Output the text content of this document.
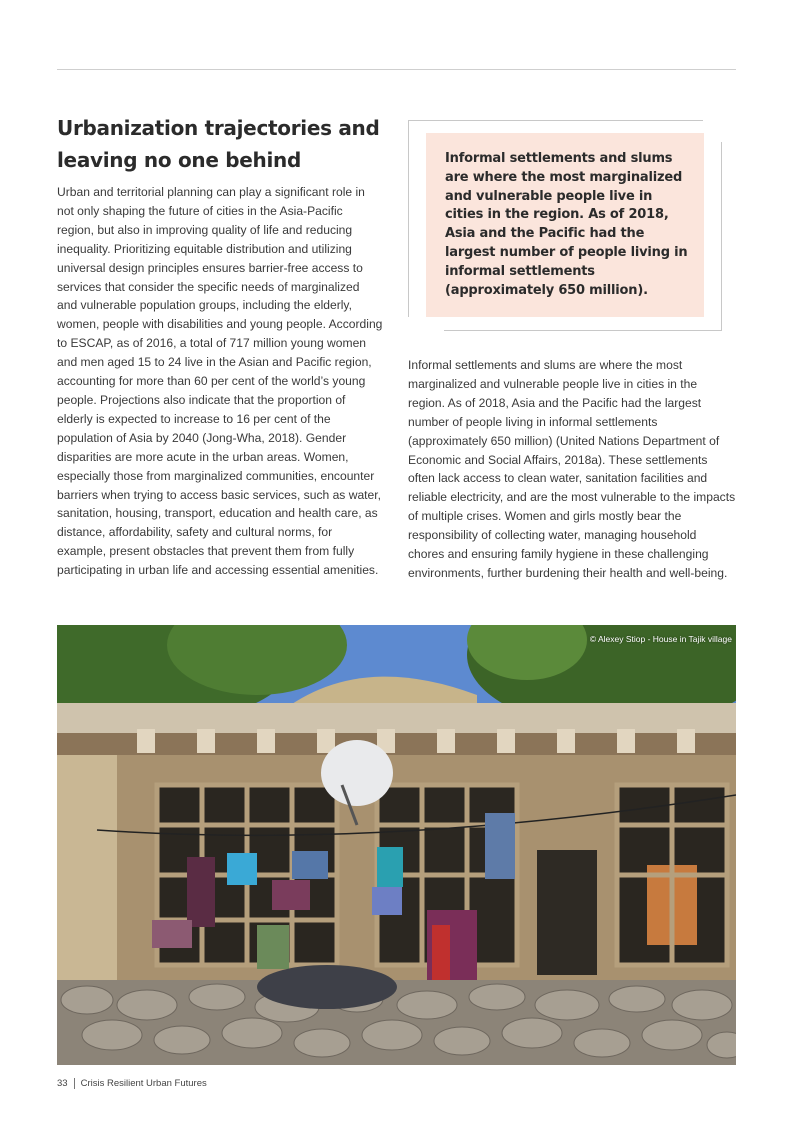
Urbanization trajectories and leaving no one behind

Urban and territorial planning can play a significant role in not only shaping the future of cities in the Asia-Pacific region, but also in improving quality of life and reducing inequality. Prioritizing equitable distribution and utilizing universal design principles ensures barrier-free access to services that consider the specific needs of marginalized and vulnerable population groups, including the elderly, women, people with disabilities and young people. According to ESCAP, as of 2016, a total of 717 million young women and men aged 15 to 24 live in the Asian and Pacific region, accounting for more than 60 per cent of the world’s young people. Projections also indicate that the proportion of elderly is expected to increase to 16 per cent of the population of Asia by 2040 (Jong-Wha, 2018). Gender disparities are more acute in the urban areas. Women, especially those from marginalized communities, encounter barriers when trying to access basic services, such as water, sanitation, housing, transport, education and health care, as distance, affordability, safety and cultural norms, for example, present obstacles that prevent them from fully participating in urban life and accessing essential amenities.

Informal settlements and slums are where the most marginalized and vulnerable people live in cities in the region. As of 2018, Asia and the Pacific had the largest number of people living in informal settlements (approximately 650 million).

Informal settlements and slums are where the most marginalized and vulnerable people live in cities in the region. As of 2018, Asia and the Pacific had the largest number of people living in informal settlements (approximately 650 million) (United Nations Department of Economic and Social Affairs, 2018a). These settlements often lack access to clean water, sanitation facilities and reliable electricity, and are the most vulnerable to the impacts of multiple crises. Women and girls mostly bear the responsibility of collecting water, managing household chores and ensuring family hygiene in these challenging environments, further burdening their health and well-being.

© Alexey Stiop - House in Tajik village
33 Crisis Resilient Urban Futures
